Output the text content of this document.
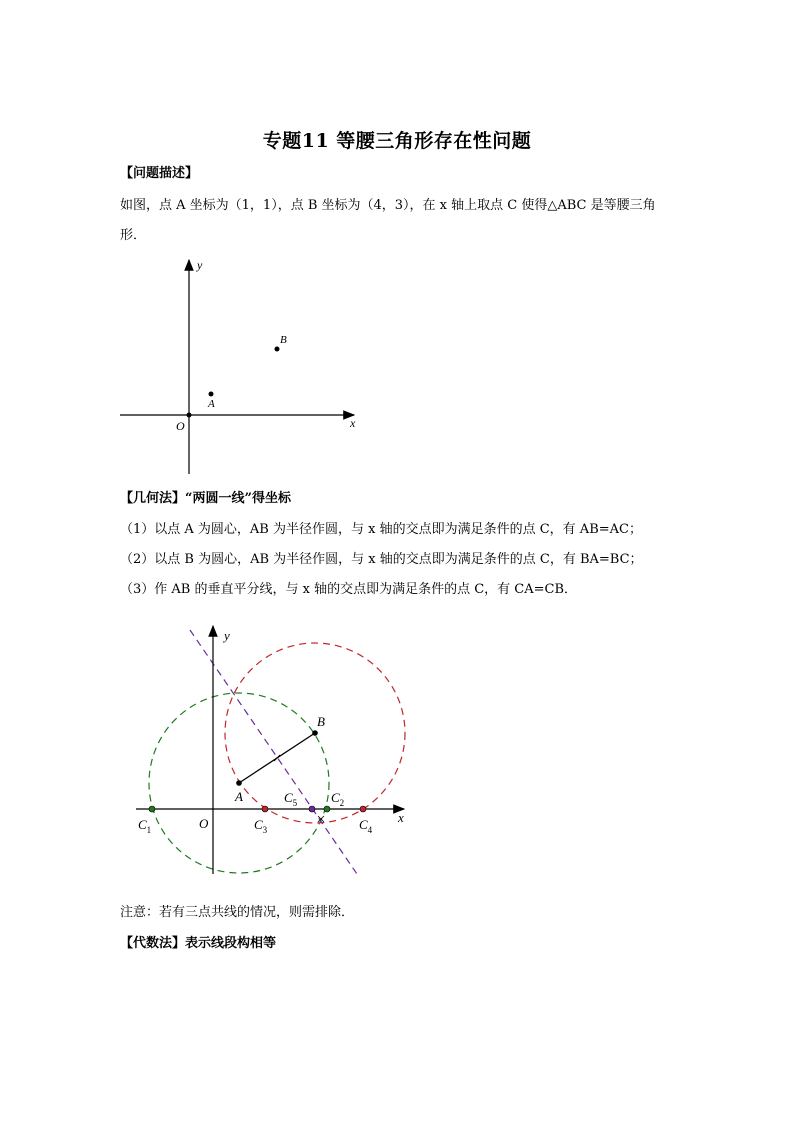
专题11 等腰三角形存在性问题
【问题描述】
如图，点 A 坐标为（1，1），点 B 坐标为（4，3），在 x 轴上取点 C 使得△ABC 是等腰三角
形．
y
x
O
A
B
【几何法】“两圆一线”得坐标
（1）以点 A 为圆心，AB 为半径作圆，与 x 轴的交点即为满足条件的点 C，有 AB=AC；
（2）以点 B 为圆心，AB 为半径作圆，与 x 轴的交点即为满足条件的点 C，有 BA=BC；
（3）作 AB 的垂直平分线，与 x 轴的交点即为满足条件的点 C，有 CA=CB．
y
x
O
A
B
$C_1$	$C_3$
$C_5$	$C_2$
$C_4$
注意：若有三点共线的情况，则需排除．
【代数法】表示线段构相等
